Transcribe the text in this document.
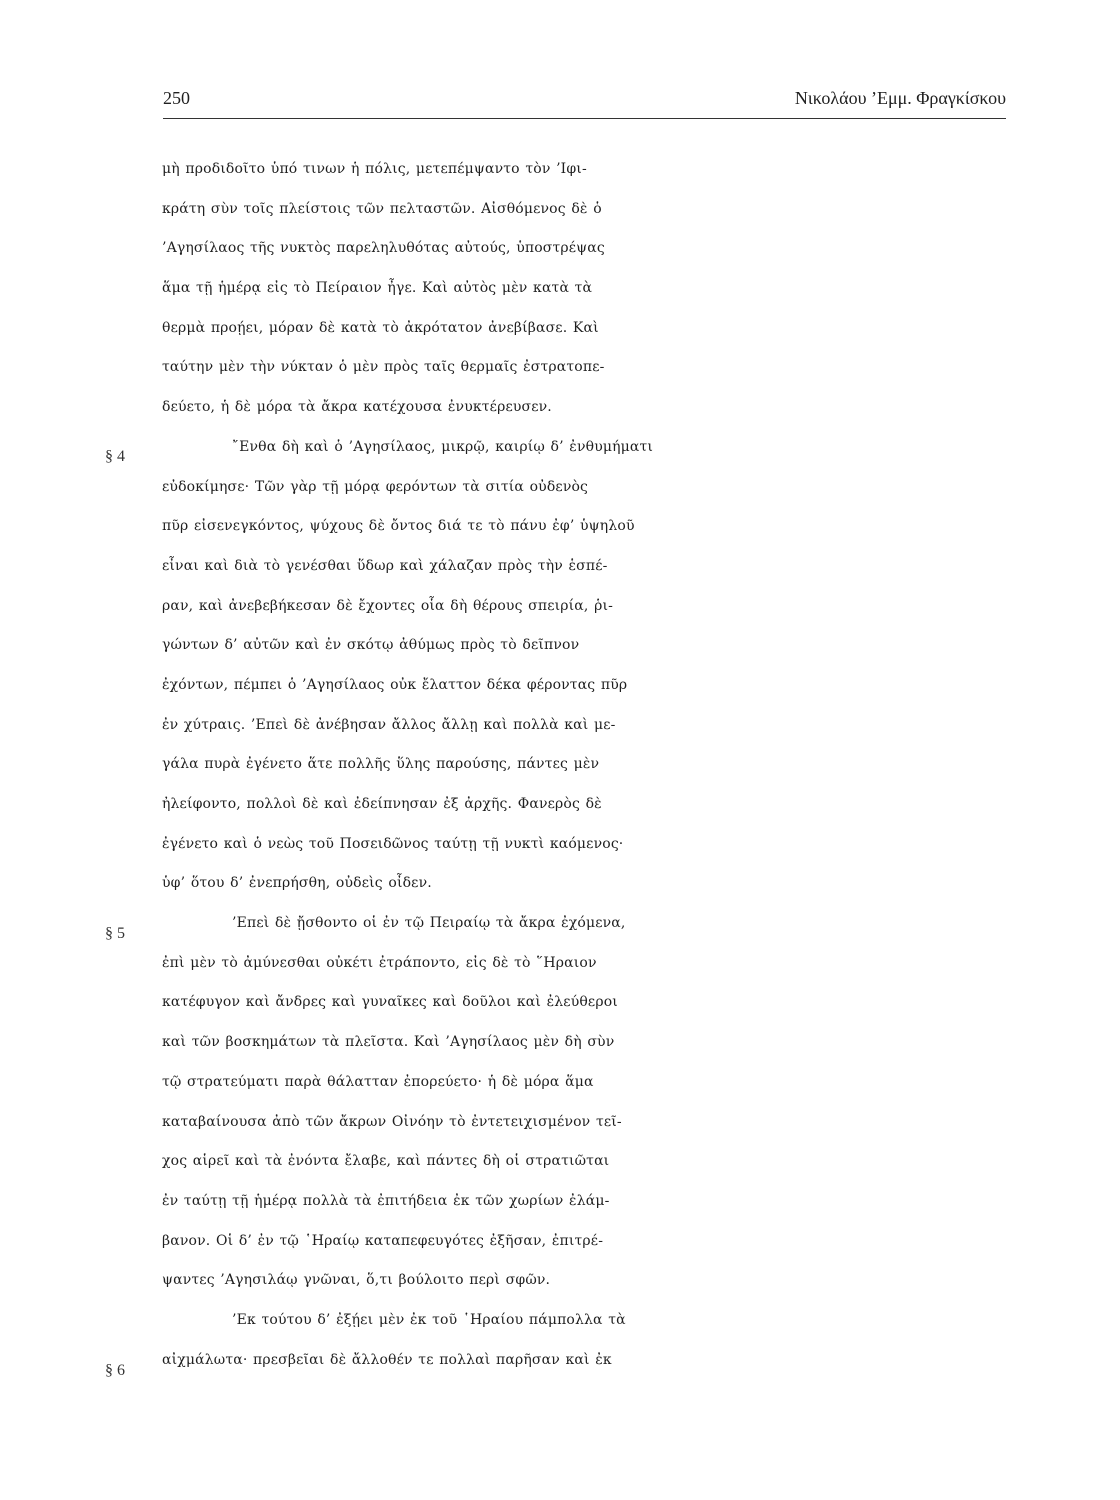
250	Νικολάου ’Εμμ. Φραγκίσκου
§ 4
§ 5
§ 6
μὴ προδιδοῖτο ὑπό τινων ἡ πόλις, μετεπέμψαντο τὸν ’Ιφι-
κράτη σὺν τοῖς πλείστοις τῶν πελταστῶν. Αἰσθόμενος δὲ ὁ
’Αγησίλαος τῆς νυκτὸς παρεληλυθότας αὐτούς, ὑποστρέψας
ἅμα τῇ ἡμέρᾳ εἰς τὸ Πείραιον ἦγε. Καὶ αὐτὸς μὲν κατὰ τὰ
θερμὰ προῄει, μόραν δὲ κατὰ τὸ ἀκρότατον ἀνεβίβασε. Καὶ
ταύτην μὲν τὴν νύκταν ὁ μὲν πρὸς ταῖς θερμαῖς ἐστρατοπε-
δεύετο, ἡ δὲ μόρα τὰ ἄκρα κατέχουσα ἐνυκτέρευσεν.
῎Ενθα δὴ καὶ ὁ ’Αγησίλαος, μικρῷ, καιρίῳ δ’ ἐνθυμήματι
εὐδοκίμησε· Τῶν γὰρ τῇ μόρᾳ φερόντων τὰ σιτία οὐδενὸς
πῦρ εἰσενεγκόντος, ψύχους δὲ ὄντος διά τε τὸ πάνυ ἐφ’ ὑψηλοῦ
εἶναι καὶ διὰ τὸ γενέσθαι ὕδωρ καὶ χάλαζαν πρὸς τὴν ἑσπέ-
ραν, καὶ ἀνεβεβήκεσαν δὲ ἔχοντες οἷα δὴ θέρους σπειρία, ῥι-
γώντων δ’ αὐτῶν καὶ ἐν σκότῳ ἀθύμως πρὸς τὸ δεῖπνον
ἐχόντων, πέμπει ὁ ’Αγησίλαος οὐκ ἔλαττον δέκα φέροντας πῦρ
ἐν χύτραις. ’Επεὶ δὲ ἀνέβησαν ἄλλος ἄλλῃ καὶ πολλὰ καὶ με-
γάλα πυρὰ ἐγένετο ἅτε πολλῆς ὕλης παρούσης, πάντες μὲν
ἠλείφοντο, πολλοὶ δὲ καὶ ἐδείπνησαν ἐξ ἀρχῆς. Φανερὸς δὲ
ἐγένετο καὶ ὁ νεὼς τοῦ Ποσειδῶνος ταύτῃ τῇ νυκτὶ καόμενος·
ὑφ’ ὅτου δ’ ἐνεπρήσθη, οὐδεὶς οἶδεν.
’Επεὶ δὲ ᾔσθοντο οἱ ἐν τῷ Πειραίῳ τὰ ἄκρα ἐχόμενα,
ἐπὶ μὲν τὸ ἀμύνεσθαι οὐκέτι ἐτράποντο, εἰς δὲ τὸ ῞Ηραιον
κατέφυγον καὶ ἄνδρες καὶ γυναῖκες καὶ δοῦλοι καὶ ἐλεύθεροι
καὶ τῶν βοσκημάτων τὰ πλεῖστα. Καὶ ’Αγησίλαος μὲν δὴ σὺν
τῷ στρατεύματι παρὰ θάλατταν ἐπορεύετο· ἡ δὲ μόρα ἅμα
καταβαίνουσα ἀπὸ τῶν ἄκρων Οἰνόην τὸ ἐντετειχισμένον τεῖ-
χος αἱρεῖ καὶ τὰ ἐνόντα ἔλαβε, καὶ πάντες δὴ οἱ στρατιῶται
ἐν ταύτῃ τῇ ἡμέρᾳ πολλὰ τὰ ἐπιτήδεια ἐκ τῶν χωρίων ἐλάμ-
βανον. Οἱ δ’ ἐν τῷ ῾Ηραίῳ καταπεφευγότες ἐξῆσαν, ἐπιτρέ-
ψαντες ’Αγησιλάῳ γνῶναι, ὅ,τι βούλοιτο περὶ σφῶν.
’Εκ τούτου δ’ ἐξῄει μὲν ἐκ τοῦ ῾Ηραίου πάμπολλα τὰ
αἰχμάλωτα· πρεσβεῖαι δὲ ἄλλοθέν τε πολλαὶ παρῆσαν καὶ ἐκ
